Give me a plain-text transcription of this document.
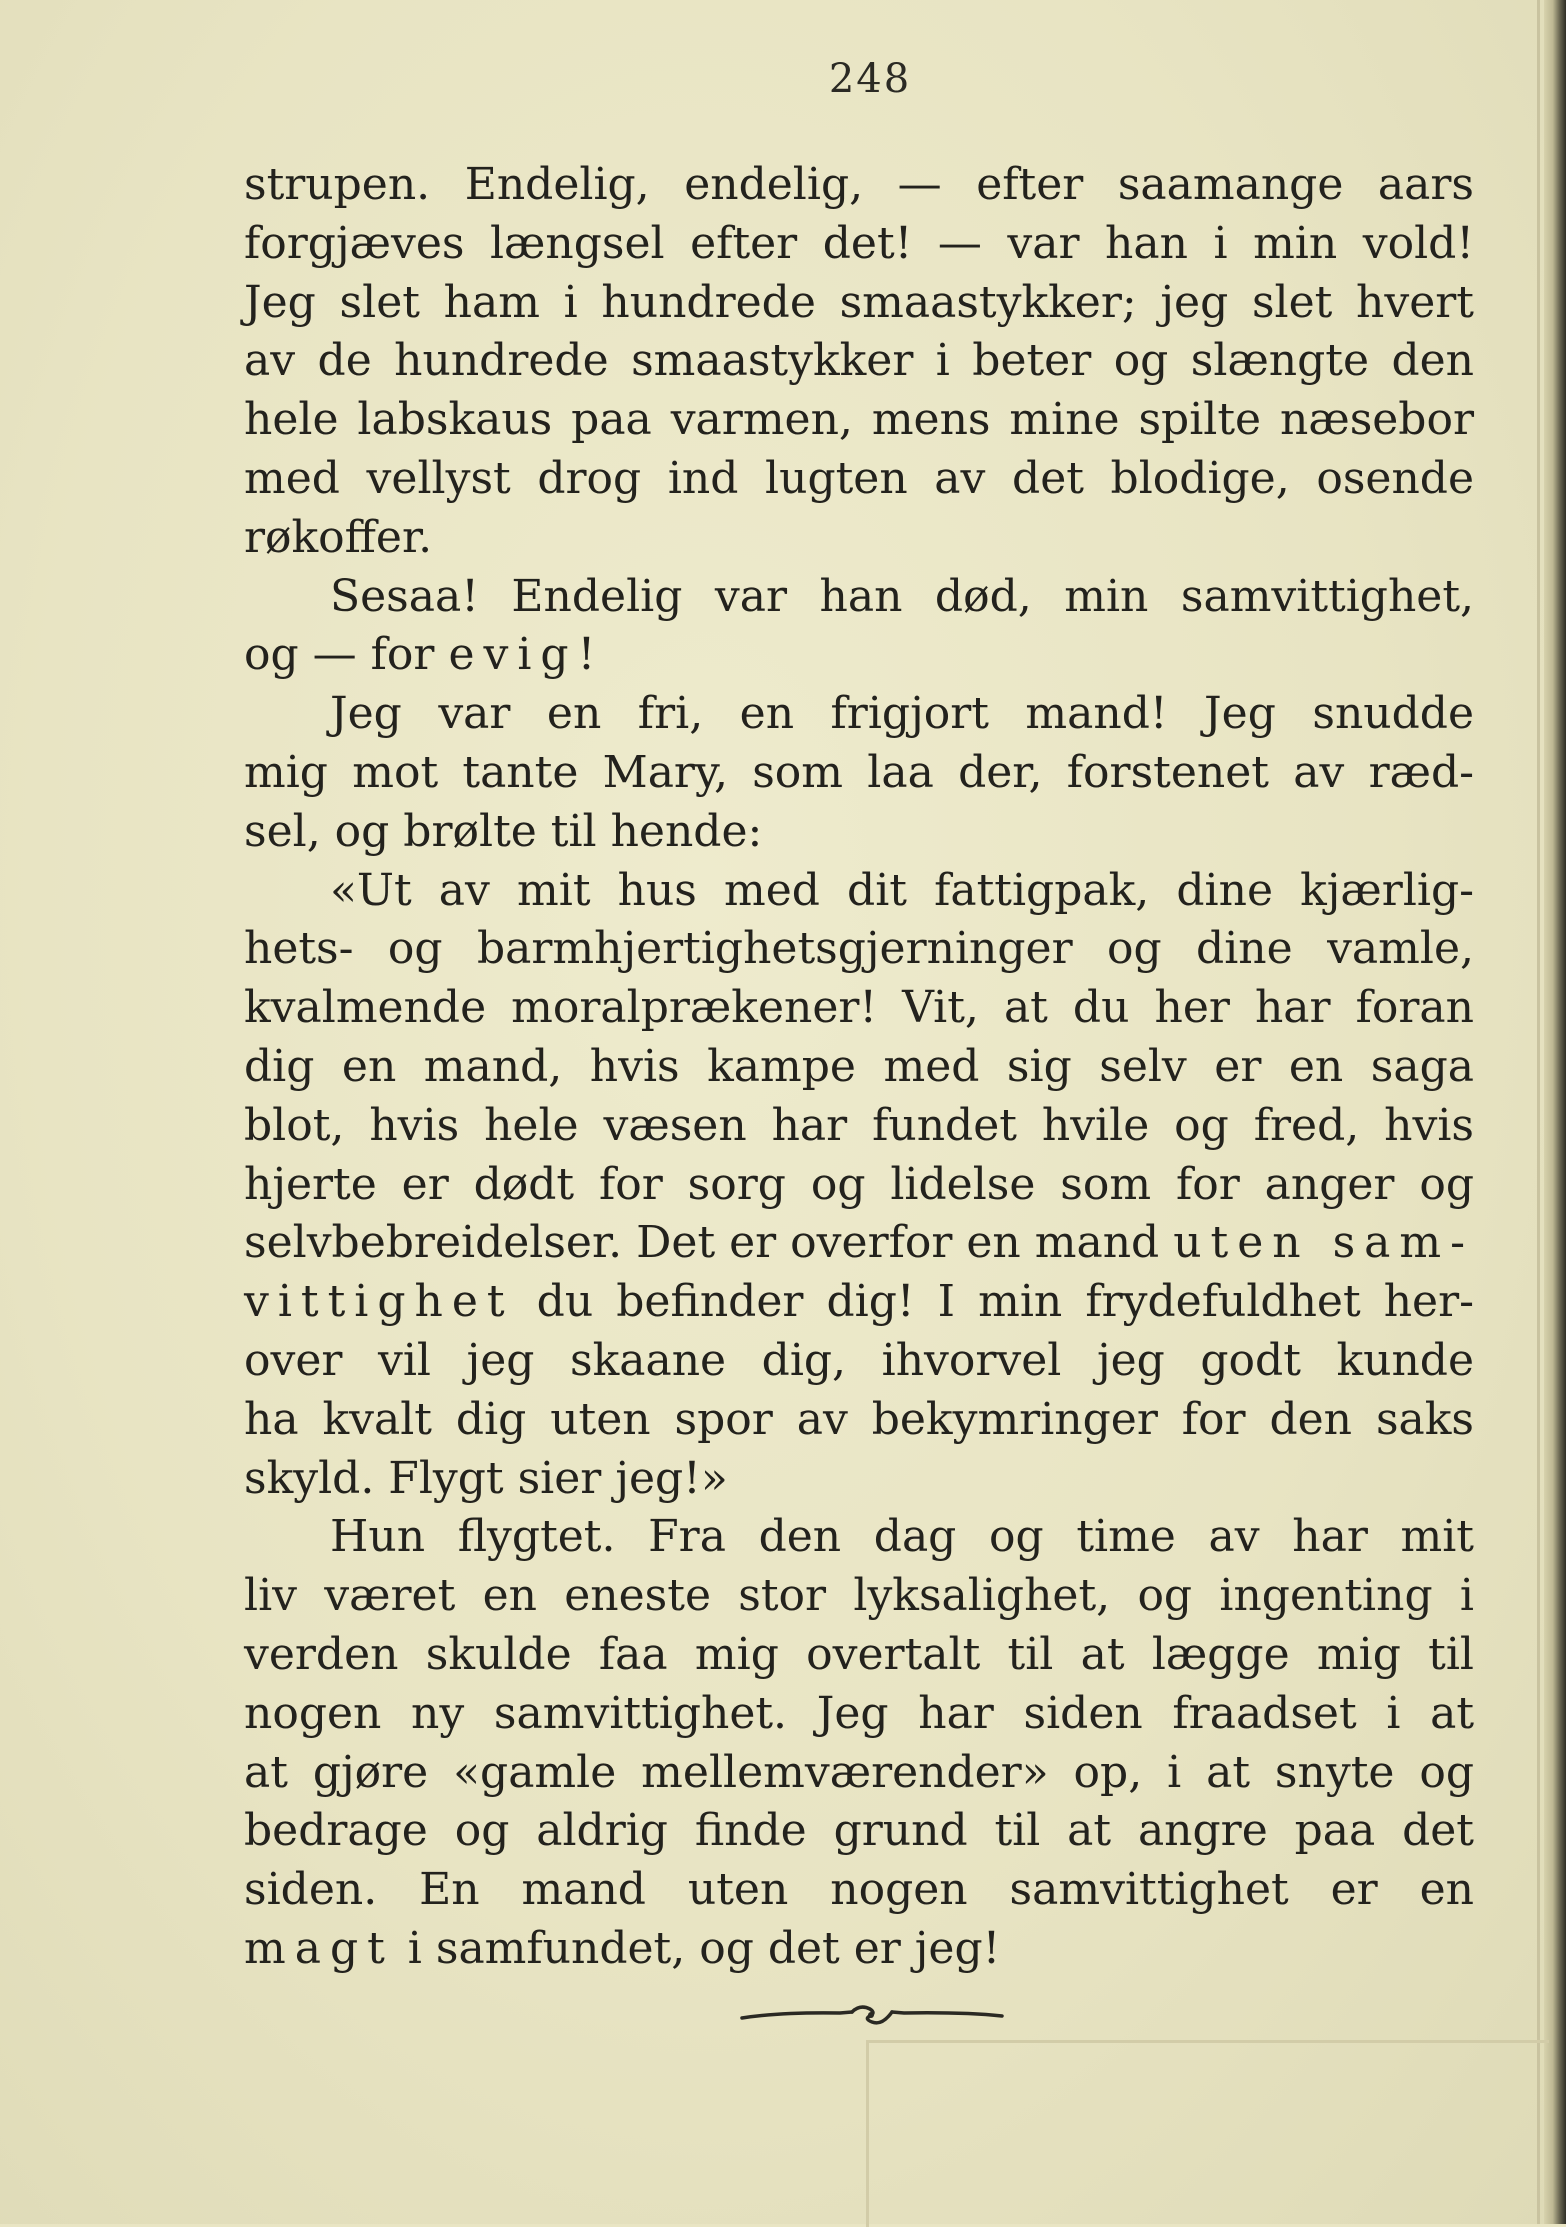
248
strupen. Endelig, endelig, — efter saamange aars
forgjæves længsel efter det! — var han i min vold!
Jeg slet ham i hundrede smaastykker; jeg slet hvert
av de hundrede smaastykker i beter og slængte den
hele labskaus paa varmen, mens mine spilte næsebor
med vellyst drog ind lugten av det blodige, osende
røkoffer.
Sesaa! Endelig var han død, min samvittighet,
og — for evig!
Jeg var en fri, en frigjort mand! Jeg snudde
mig mot tante Mary, som laa der, forstenet av ræd-
sel, og brølte til hende:
«Ut av mit hus med dit fattigpak, dine kjærlig-
hets- og barmhjertighetsgjerninger og dine vamle,
kvalmende moralprækener! Vit, at du her har foran
dig en mand, hvis kampe med sig selv er en saga
blot, hvis hele væsen har fundet hvile og fred, hvis
hjerte er dødt for sorg og lidelse som for anger og
selvbebreidelser. Det er overfor en mand uten sam-
vittighet du befinder dig! I min frydefuldhet her-
over vil jeg skaane dig, ihvorvel jeg godt kunde
ha kvalt dig uten spor av bekymringer for den saks
skyld. Flygt sier jeg!»
Hun flygtet. Fra den dag og time av har mit
liv været en eneste stor lyksalighet, og ingenting i
verden skulde faa mig overtalt til at lægge mig til
nogen ny samvittighet. Jeg har siden fraadset i at
at gjøre «gamle mellemværender» op, i at snyte og
bedrage og aldrig finde grund til at angre paa det
siden. En mand uten nogen samvittighet er en
magt i samfundet, og det er jeg!
